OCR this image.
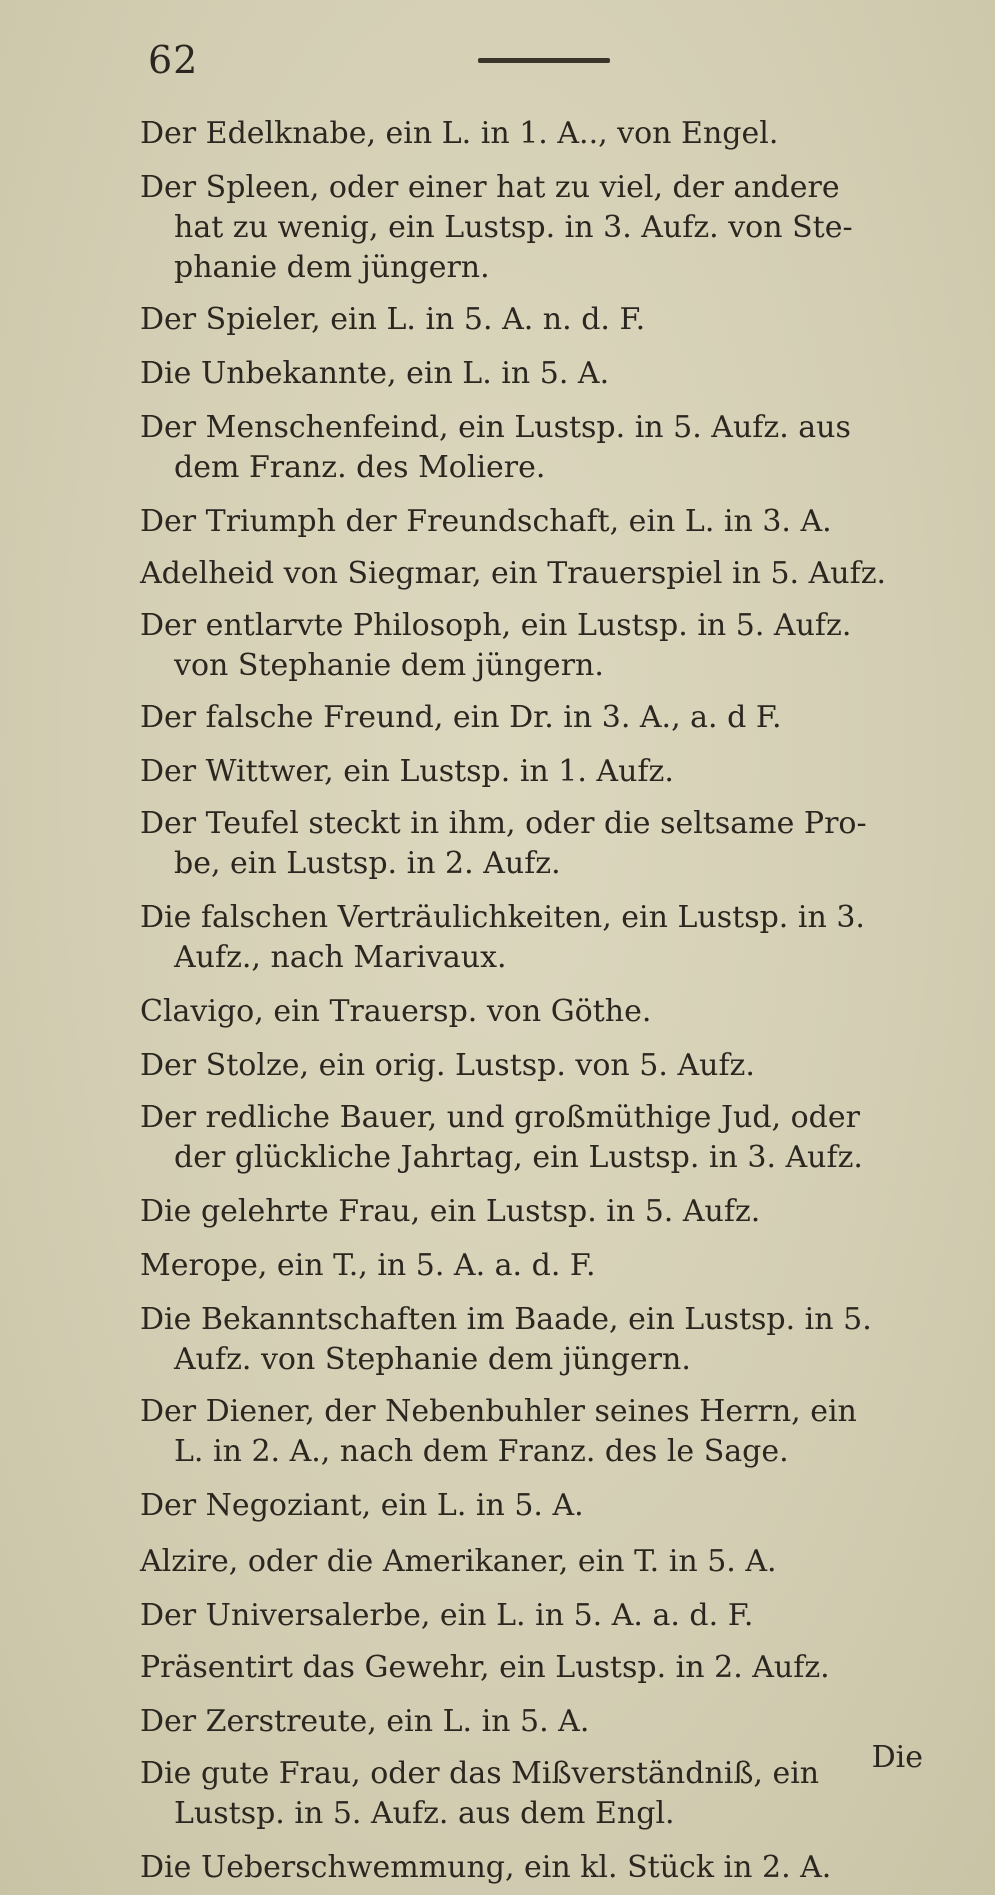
62
Der Edelknabe, ein L. in 1. A.., von Engel.
Der Spleen, oder einer hat zu viel, der andere
hat zu wenig, ein Lustsp. in 3. Aufz. von Ste-
phanie dem jüngern.
Der Spieler, ein L. in 5. A. n. d. F.
Die Unbekannte, ein L. in 5. A.
Der Menschenfeind, ein Lustsp. in 5. Aufz. aus
dem Franz. des Moliere.
Der Triumph der Freundschaft, ein L. in 3. A.
Adelheid von Siegmar, ein Trauerspiel in 5. Aufz.
Der entlarvte Philosoph, ein Lustsp. in 5. Aufz.
von Stephanie dem jüngern.
Der falsche Freund, ein Dr. in 3. A., a. d F.
Der Wittwer, ein Lustsp. in 1. Aufz.
Der Teufel steckt in ihm, oder die seltsame Pro-
be, ein Lustsp. in 2. Aufz.
Die falschen Verträulichkeiten, ein Lustsp. in 3.
Aufz., nach Marivaux.
Clavigo, ein Trauersp. von Göthe.
Der Stolze, ein orig. Lustsp. von 5. Aufz.
Der redliche Bauer, und großmüthige Jud, oder
der glückliche Jahrtag, ein Lustsp. in 3. Aufz.
Die gelehrte Frau, ein Lustsp. in 5. Aufz.
Merope, ein T., in 5. A. a. d. F.
Die Bekanntschaften im Baade, ein Lustsp. in 5.
Aufz. von Stephanie dem jüngern.
Der Diener, der Nebenbuhler seines Herrn, ein
L. in 2. A., nach dem Franz. des le Sage.
Der Negoziant, ein L. in 5. A.
Alzire, oder die Amerikaner, ein T. in 5. A.
Der Universalerbe, ein L. in 5. A. a. d. F.
Präsentirt das Gewehr, ein Lustsp. in 2. Aufz.
Der Zerstreute, ein L. in 5. A.
Die gute Frau, oder das Mißverständniß, ein
Lustsp. in 5. Aufz. aus dem Engl.
Die Ueberschwemmung, ein kl. Stück in 2. A.
Die
